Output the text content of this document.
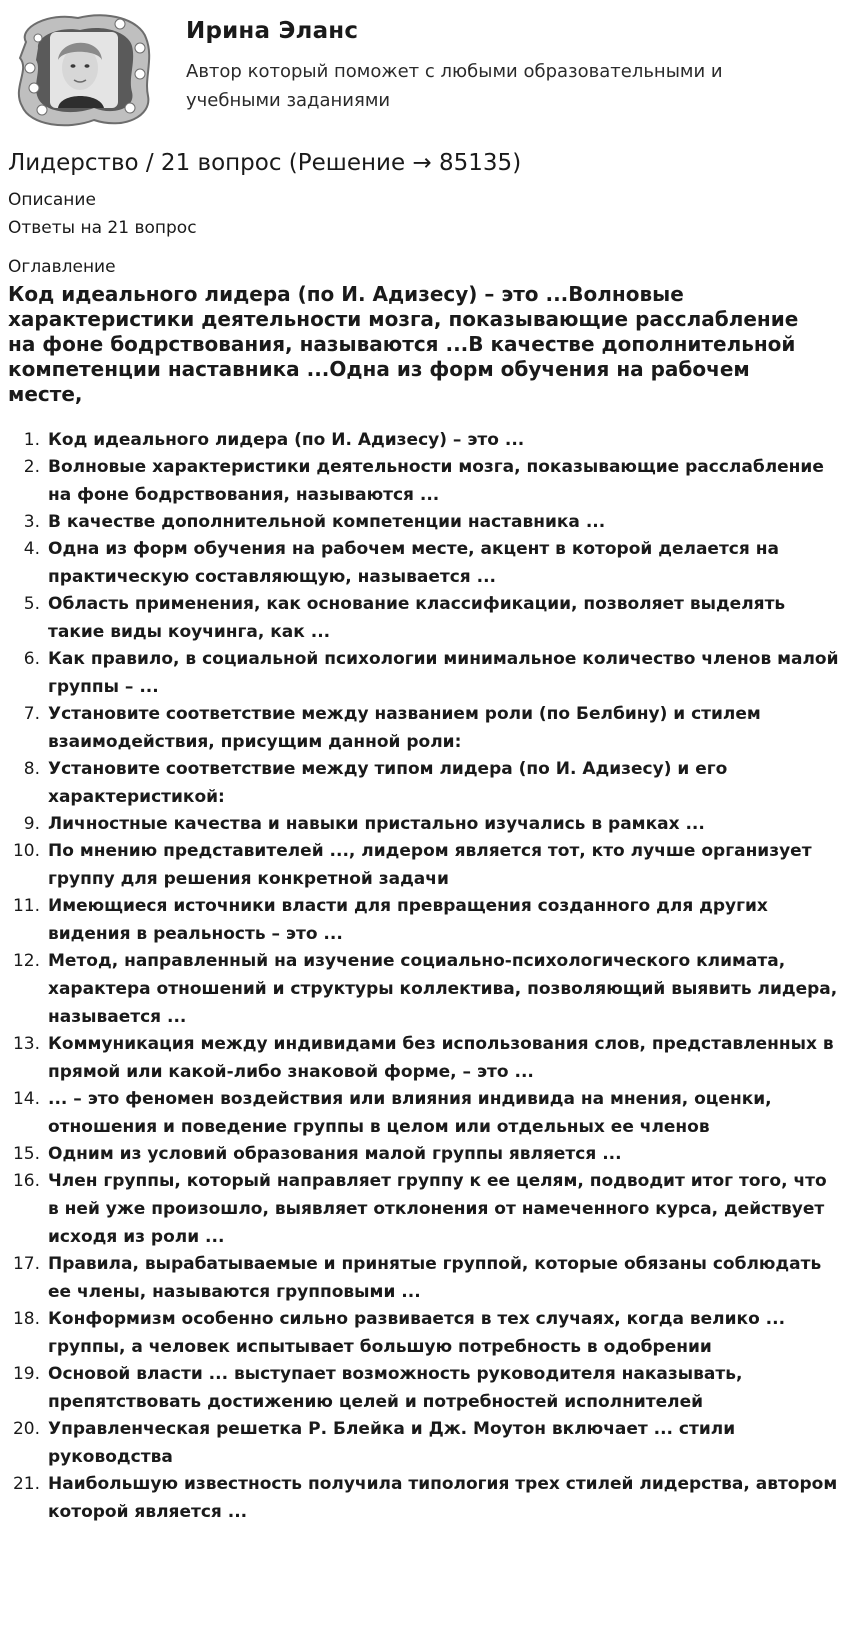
Ирина Эланс
Автор который поможет с любыми образовательными и учебными заданиями
Лидерство / 21 вопрос (Решение → 85135)
Описание
Ответы на 21 вопрос
Оглавление
Код идеального лидера (по И. Адизесу) – это ...Волновые характеристики деятельности мозга, показывающие расслабление на фоне бодрствования, называются ...В качестве дополнительной компетенции наставника ...Одна из форм обучения на рабочем месте,
1. Код идеального лидера (по И. Адизесу) – это ...
2. Волновые характеристики деятельности мозга, показывающие расслабление на фоне бодрствования, называются ...
3. В качестве дополнительной компетенции наставника ...
4. Одна из форм обучения на рабочем месте, акцент в которой делается на практическую составляющую, называется ...
5. Область применения, как основание классификации, позволяет выделять такие виды коучинга, как ...
6. Как правило, в социальной психологии минимальное количество членов малой группы – ...
7. Установите соответствие между названием роли (по Белбину) и стилем взаимодействия, присущим данной роли:
8. Установите соответствие между типом лидера (по И. Адизесу) и его характеристикой:
9. Личностные качества и навыки пристально изучались в рамках ...
10. По мнению представителей ..., лидером является тот, кто лучше организует группу для решения конкретной задачи
11. Имеющиеся источники власти для превращения созданного для других видения в реальность – это ...
12. Метод, направленный на изучение социально-психологического климата, характера отношений и структуры коллектива, позволяющий выявить лидера, называется ...
13. Коммуникация между индивидами без использования слов, представленных в прямой или какой-либо знаковой форме, – это ...
14. ... – это феномен воздействия или влияния индивида на мнения, оценки, отношения и поведение группы в целом или отдельных ее членов
15. Одним из условий образования малой группы является ...
16. Член группы, который направляет группу к ее целям, подводит итог того, что в ней уже произошло, выявляет отклонения от намеченного курса, действует исходя из роли ...
17. Правила, вырабатываемые и принятые группой, которые обязаны соблюдать ее члены, называются групповыми ...
18. Конформизм особенно сильно развивается в тех случаях, когда велико ... группы, а человек испытывает большую потребность в одобрении
19. Основой власти ... выступает возможность руководителя наказывать, препятствовать достижению целей и потребностей исполнителей
20. Управленческая решетка Р. Блейка и Дж. Моутон включает ... стили руководства
21. Наибольшую известность получила типология трех стилей лидерства, автором которой является ...
